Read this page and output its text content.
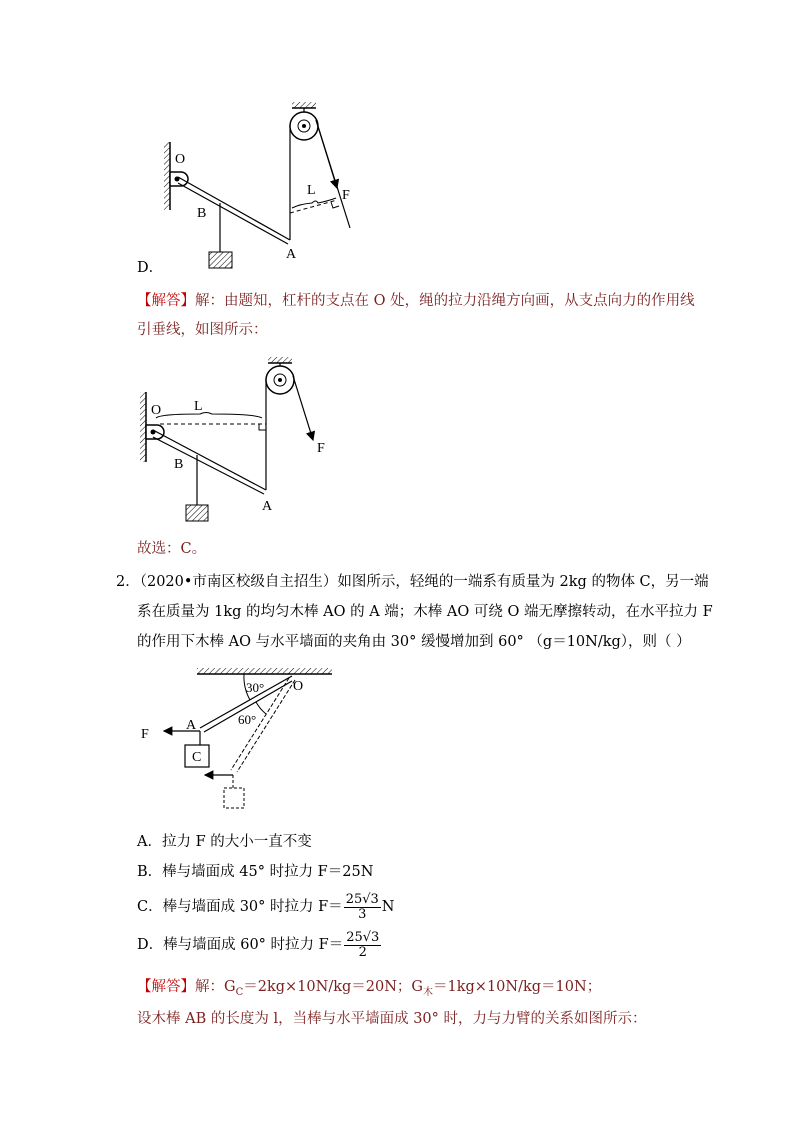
O
B
A
L F
D．
【解答】解：由题知，杠杆的支点在 O 处，绳的拉力沿绳方向画，从支点向力的作用线
引垂线，如图所示：
O L
B
A
F
故选：C。
2．（2020•市南区校级自主招生）如图所示，轻绳的一端系有质量为 2kg 的物体 C，另一端
系在质量为 1kg 的均匀木棒 AO 的 A 端；木棒 AO 可绕 O 端无摩擦转动，在水平拉力 F
的作用下木棒 AO 与水平墙面的夹角由 30° 缓慢增加到 60° （g＝10N/kg），则（ ）
30°
60°
O
A
F
C
A．拉力 F 的大小一直不变
B．棒与墙面成 45° 时拉力 F＝25N
C．棒与墙面成 30° 时拉力 $F= \frac{25√3}{3}$ N
D．棒与墙面成 60° 时拉力 $F= \frac{25√3}{2}$
【解答】解：$G_C=2kg\times 10N/kg=20N$；$G_木=1kg\times 10N/kg=10N$；
设木棒 AB 的长度为 l，当棒与水平墙面成 30° 时，力与力臂的关系如图所示：
